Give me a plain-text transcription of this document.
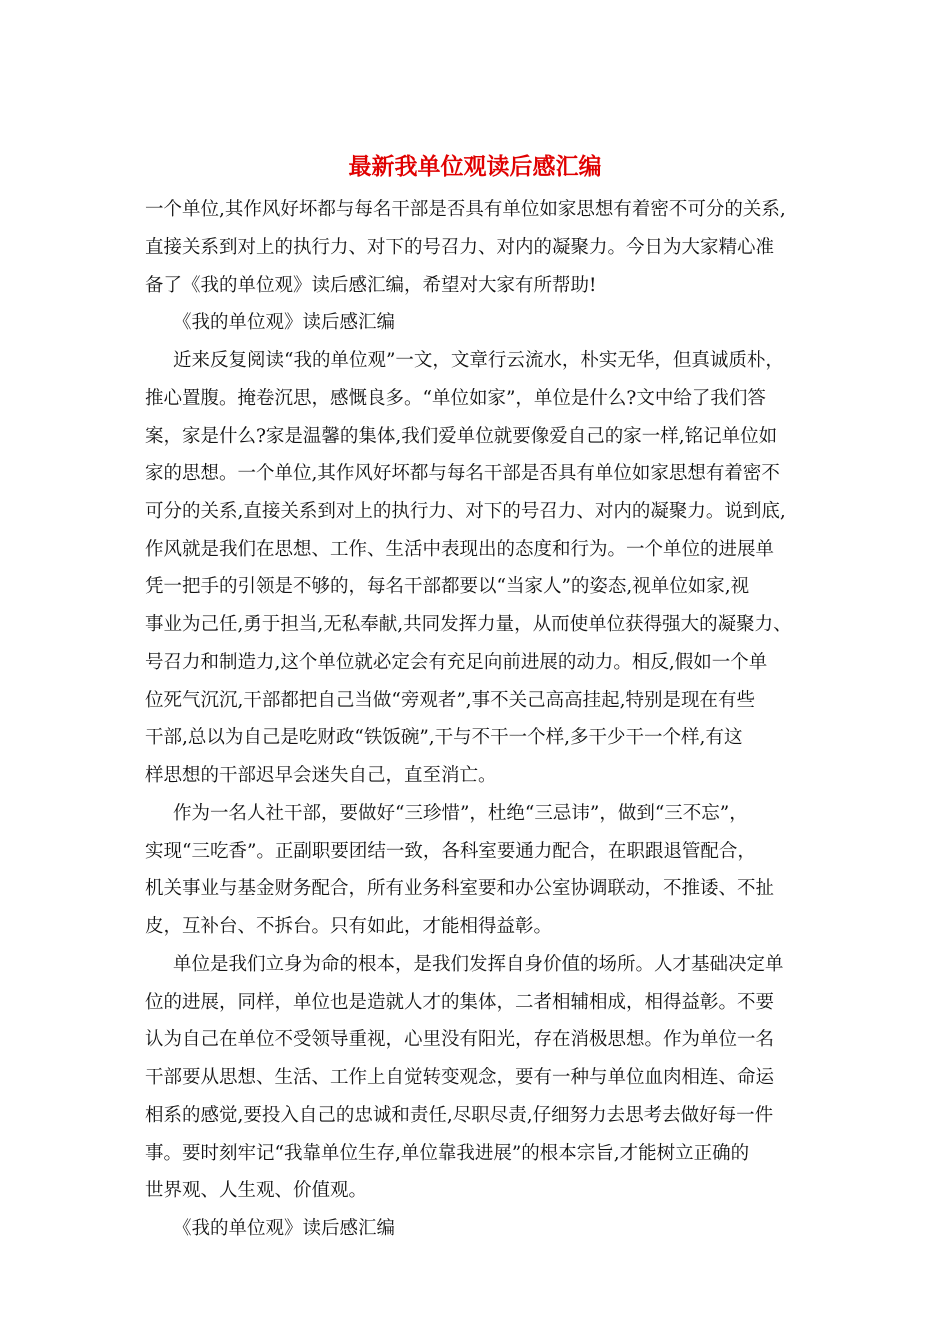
最新我单位观读后感汇编
一个单位,其作风好坏都与每名干部是否具有单位如家思想有着密不可分的关系,
直接关系到对上的执行力、对下的号召力、对内的凝聚力。今日为大家精心准
备了《我的单位观》读后感汇编，希望对大家有所帮助!
《我的单位观》读后感汇编
近来反复阅读“我的单位观”一文，文章行云流水，朴实无华，但真诚质朴，
推心置腹。掩卷沉思，感慨良多。“单位如家”，单位是什么?文中给了我们答
案，家是什么?家是温馨的集体,我们爱单位就要像爱自己的家一样,铭记单位如
家的思想。一个单位,其作风好坏都与每名干部是否具有单位如家思想有着密不
可分的关系,直接关系到对上的执行力、对下的号召力、对内的凝聚力。说到底,
作风就是我们在思想、工作、生活中表现出的态度和行为。一个单位的进展单
凭一把手的引领是不够的，每名干部都要以“当家人”的姿态,视单位如家,视
事业为己任,勇于担当,无私奉献,共同发挥力量，从而使单位获得强大的凝聚力、
号召力和制造力,这个单位就必定会有充足向前进展的动力。相反,假如一个单
位死气沉沉,干部都把自己当做“旁观者”,事不关己高高挂起,特别是现在有些
干部,总以为自己是吃财政“铁饭碗”,干与不干一个样,多干少干一个样,有这
样思想的干部迟早会迷失自己，直至消亡。
作为一名人社干部，要做好“三珍惜”，杜绝“三忌讳”，做到“三不忘”，
实现“三吃香”。正副职要团结一致，各科室要通力配合，在职跟退管配合，
机关事业与基金财务配合，所有业务科室要和办公室协调联动，不推诿、不扯
皮，互补台、不拆台。只有如此，才能相得益彰。
单位是我们立身为命的根本，是我们发挥自身价值的场所。人才基础决定单
位的进展，同样，单位也是造就人才的集体，二者相辅相成，相得益彰。不要
认为自己在单位不受领导重视，心里没有阳光，存在消极思想。作为单位一名
干部要从思想、生活、工作上自觉转变观念，要有一种与单位血肉相连、命运
相系的感觉,要投入自己的忠诚和责任,尽职尽责,仔细努力去思考去做好每一件
事。要时刻牢记“我靠单位生存,单位靠我进展”的根本宗旨,才能树立正确的
世界观、人生观、价值观。
《我的单位观》读后感汇编
